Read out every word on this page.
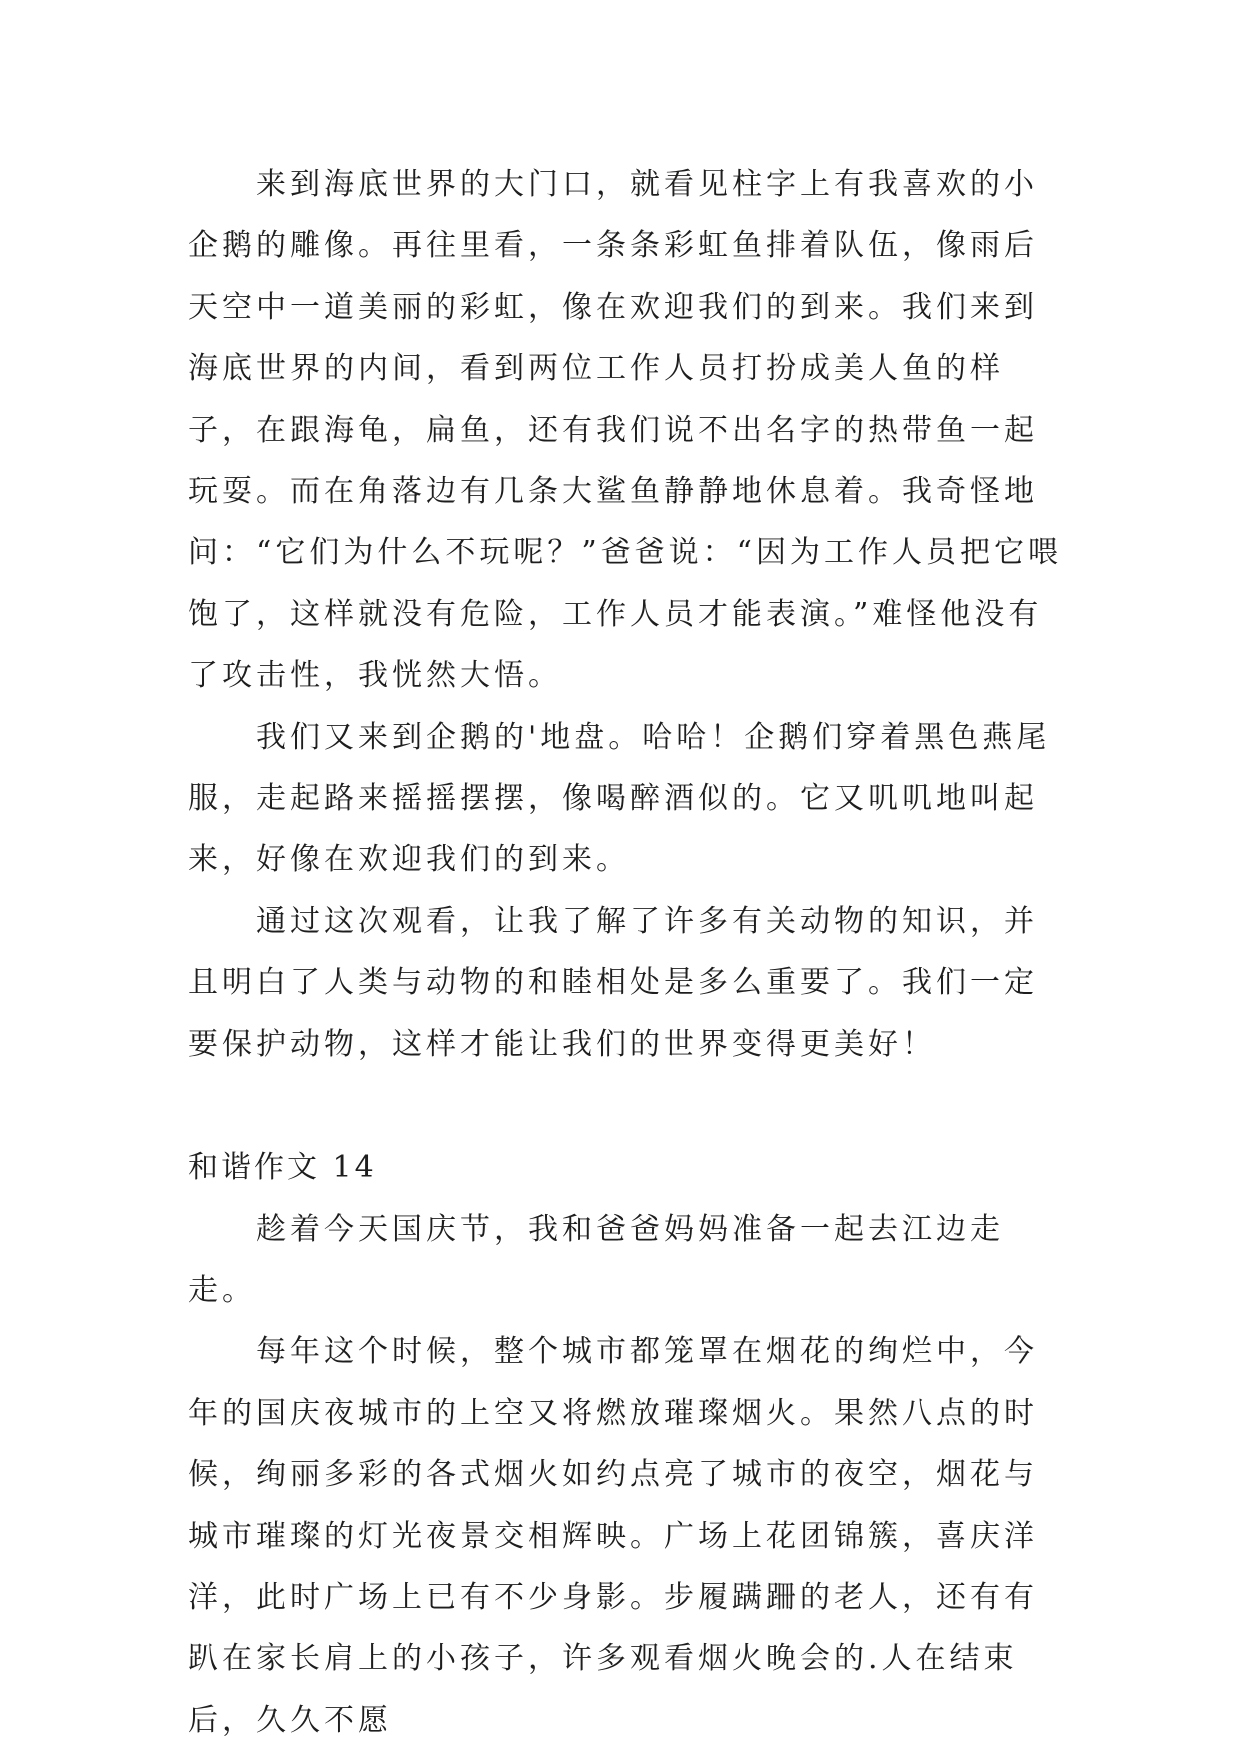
来到海底世界的大门口，就看见柱字上有我喜欢的小企鹅的雕像。再往里看，一条条彩虹鱼排着队伍，像雨后天空中一道美丽的彩虹，像在欢迎我们的到来。我们来到海底世界的内间，看到两位工作人员打扮成美人鱼的样子，在跟海龟，扁鱼，还有我们说不出名字的热带鱼一起玩耍。而在角落边有几条大鲨鱼静静地休息着。我奇怪地问：“它们为什么不玩呢？”爸爸说：“因为工作人员把它喂饱了，这样就没有危险，工作人员才能表演。”难怪他没有了攻击性，我恍然大悟。

我们又来到企鹅的'地盘。哈哈！企鹅们穿着黑色燕尾服，走起路来摇摇摆摆，像喝醉酒似的。它又叽叽地叫起来，好像在欢迎我们的到来。

通过这次观看，让我了解了许多有关动物的知识，并且明白了人类与动物的和睦相处是多么重要了。我们一定要保护动物，这样才能让我们的世界变得更美好！

和谐作文 14

趁着今天国庆节，我和爸爸妈妈准备一起去江边走走。

每年这个时候，整个城市都笼罩在烟花的绚烂中，今年的国庆夜城市的上空又将燃放璀璨烟火。果然八点的时候，绚丽多彩的各式烟火如约点亮了城市的夜空，烟花与城市璀璨的灯光夜景交相辉映。广场上花团锦簇，喜庆洋洋，此时广场上已有不少身影。步履蹒跚的老人，还有有趴在家长肩上的小孩子，许多观看烟火晚会的.人在结束后，久久不愿
